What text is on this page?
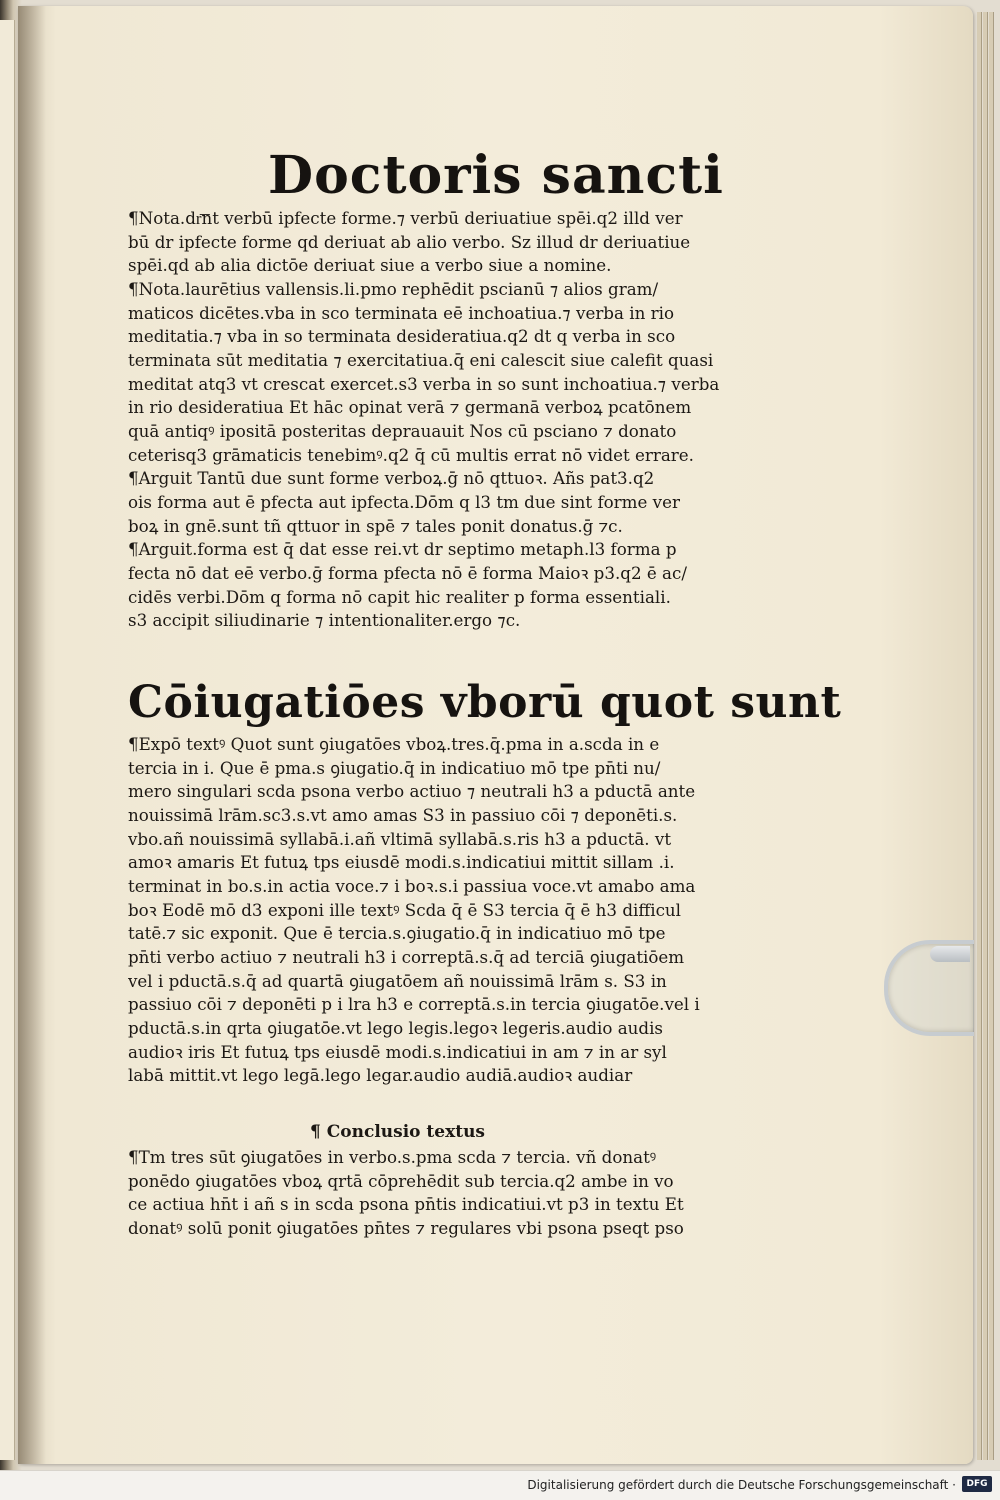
Doctoris sancti
¶Nota.dr͞nt verbū ipfecte forme.⁊ verbū deriuatiue spēi.q2 illd ver
bū dr ipfecte forme qd deriuat ab alio verbo. Sz illud dr deriuatiue
spēi.qd ab alia dictōe deriuat siue a verbo siue a nomine.
¶Nota.laurētius vallensis.li.pmo rephēdit pscianū ⁊ alios gram/
maticos dicētes.vba in sco terminata eē inchoatiua.⁊ verba in rio
meditatia.⁊ vba in so terminata desideratiua.q2 dt q verba in sco
terminata sūt meditatia ⁊ exercitatiua.q̄ eni calescit siue calefit quasi
meditat atq3 vt crescat exercet.s3 verba in so sunt inchoatiua.⁊ verba
in rio desideratiua Et hāc opinat verā ⁊ germanā verboꝝ pcatōnem
quā antiqꝰ ipositā posteritas deprauauit Nos cū psciano ⁊ donato
ceterisq3 grāmaticis tenebimꝰ.q2 q̄ cū multis errat nō videt errare.
¶Arguit Tantū due sunt forme verboꝝ.ḡ nō qttuoꝛ. Añs pat3.q2
ois forma aut ē pfecta aut ipfecta.Dōm q l3 tm due sint forme ver
boꝝ in gnē.sunt tñ qttuor in spē ⁊ tales ponit donatus.ḡ ⁊c.
¶Arguit.forma est q̄ dat esse rei.vt dr septimo metaph.l3 forma p
fecta nō dat eē verbo.ḡ forma pfecta nō ē forma Maioꝛ p3.q2 ē ac/
cidēs verbi.Dōm q forma nō capit hic realiter p forma essentiali.
s3 accipit siliudinarie ⁊ intentionaliter.ergo ⁊c.
Cōiugatiōes vborū quot sunt
¶Expō textꝰ Quot sunt ꝯiugatōes vboꝝ.tres.q̄.pma in a.scda in e
tercia in i. Que ē pma.s ꝯiugatio.q̄ in indicatiuo mō tpe pn̄ti nu/
mero singulari scda psona verbo actiuo ⁊ neutrali h3 a pductā ante
nouissimā lrām.sc3.s.vt amo amas S3 in passiuo cōi ⁊ deponēti.s.
vbo.añ nouissimā syllabā.i.añ vltimā syllabā.s.ris h3 a pductā. vt
amoꝛ amaris Et futuꝝ tps eiusdē modi.s.indicatiui mittit sillam .i.
terminat in bo.s.in actia voce.⁊ i boꝛ.s.i passiua voce.vt amabo ama
boꝛ Eodē mō d3 exponi ille textꝰ Scda q̄ ē S3 tercia q̄ ē h3 difficul
tatē.⁊ sic exponit. Que ē tercia.s.ꝯiugatio.q̄ in indicatiuo mō tpe
pn̄ti verbo actiuo ⁊ neutrali h3 i correptā.s.q̄ ad terciā ꝯiugatiōem
vel i pductā.s.q̄ ad quartā ꝯiugatōem añ nouissimā lrām s. S3 in
passiuo cōi ⁊ deponēti p i lra h3 e correptā.s.in tercia ꝯiugatōe.vel i
pductā.s.in qrta ꝯiugatōe.vt lego legis.legoꝛ legeris.audio audis
audioꝛ iris Et futuꝝ tps eiusdē modi.s.indicatiui in am ⁊ in ar syl
labā mittit.vt lego legā.lego legar.audio audiā.audioꝛ audiar
¶ Conclusio textus
¶Tm tres sūt ꝯiugatōes in verbo.s.pma scda ⁊ tercia. vñ donatꝰ
ponēdo ꝯiugatōes vboꝝ qrtā cōprehēdit sub tercia.q2 ambe in vo
ce actiua hn̄t i añ s in scda psona pn̄tis indicatiui.vt p3 in textu Et
donatꝰ solū ponit ꝯiugatōes pn̄tes ⁊ regulares vbi psona pseqt pso
Digitalisierung gefördert durch die Deutsche Forschungsgemeinschaft ·	DFG
